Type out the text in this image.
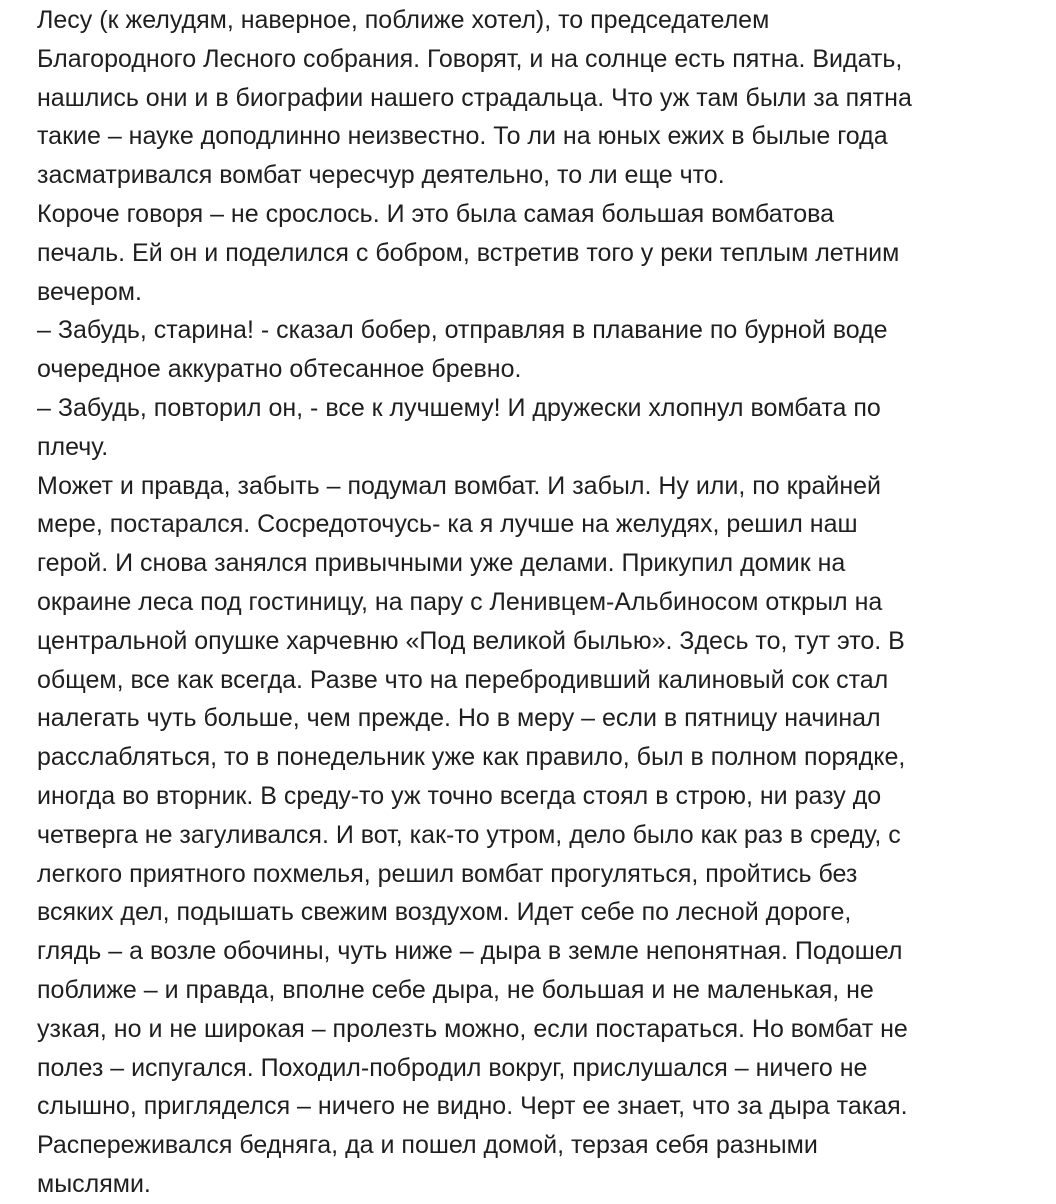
Лесу (к желудям, наверное, поближе хотел), то председателем
Благородного Лесного собрания. Говорят, и на солнце есть пятна. Видать,
нашлись они и в биографии нашего страдальца. Что уж там были за пятна
такие – науке доподлинно неизвестно. То ли на юных ежих в былые года
засматривался вомбат чересчур деятельно, то ли еще что.
Короче говоря – не срослось. И это была самая большая вомбатова
печаль. Ей он и поделился с бобром, встретив того у реки теплым летним
вечером.
– Забудь, старина! - сказал бобер, отправляя в плавание по бурной воде
очередное аккуратно обтесанное бревно.
– Забудь, повторил он, - все к лучшему! И дружески хлопнул вомбата по
плечу.
Может и правда, забыть – подумал вомбат. И забыл. Ну или, по крайней
мере, постарался. Сосредоточусь- ка я лучше на желудях, решил наш
герой. И снова занялся привычными уже делами. Прикупил домик на
окраине леса под гостиницу, на пару с Ленивцем-Альбиносом открыл на
центральной опушке харчевню «Под великой былью». Здесь то, тут это. В
общем, все как всегда. Разве что на перебродивший калиновый сок стал
налегать чуть больше, чем прежде. Но в меру – если в пятницу начинал
расслабляться, то в понедельник уже как правило, был в полном порядке,
иногда во вторник. В среду-то уж точно всегда стоял в строю, ни разу до
четверга не загуливался. И вот, как-то утром, дело было как раз в среду, с
легкого приятного похмелья, решил вомбат прогуляться, пройтись без
всяких дел, подышать свежим воздухом. Идет себе по лесной дороге,
глядь – а возле обочины, чуть ниже – дыра в земле непонятная. Подошел
поближе – и правда, вполне себе дыра, не большая и не маленькая, не
узкая, но и не широкая – пролезть можно, если постараться. Но вомбат не
полез – испугался. Походил-побродил вокруг, прислушался – ничего не
слышно, пригляделся – ничего не видно. Черт ее знает, что за дыра такая.
Распереживался бедняга, да и пошел домой, терзая себя разными
мыслями.
